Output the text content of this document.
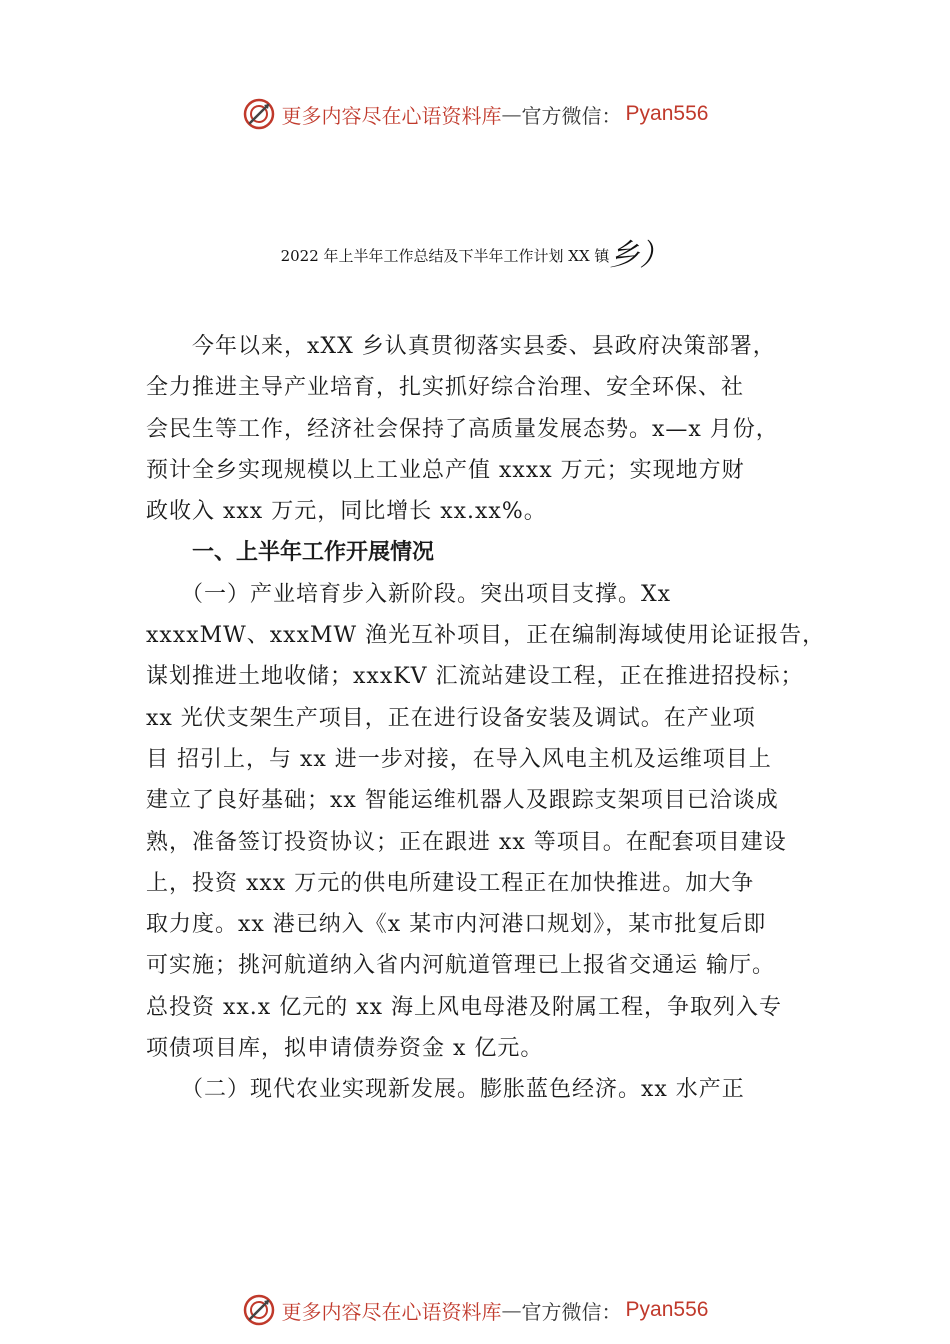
更多内容尽在心语资料库 — 官方微信： Pyan556
2022 年上半年工作总结及下半年工作计划 XX 镇乡）

　　今年以来，xXX 乡认真贯彻落实县委、县政府决策部署，
全力推进主导产业培育，扎实抓好综合治理、安全环保、社
会民生等工作，经济社会保持了高质量发展态势。x—x 月份，
预计全乡实现规模以上工业总产值 xxxx 万元；实现地方财
政收入 xxx 万元，同比增长 xx.xx%。

一、上半年工作开展情况

　　（一）产业培育步入新阶段。突出项目支撑。Xx
xxxxMW、xxxMW 渔光互补项目，正在编制海域使用论证报告，
谋划推进土地收储；xxxKV 汇流站建设工程，正在推进招投标；
xx 光伏支架生产项目，正在进行设备安装及调试。在产业项
目 招引上，与 xx 进一步对接，在导入风电主机及运维项目上
建立了良好基础；xx 智能运维机器人及跟踪支架项目已洽谈成
熟，准备签订投资协议；正在跟进 xx 等项目。在配套项目建设
上，投资 xxx 万元的供电所建设工程正在加快推进。加大争
取力度。xx 港已纳入《x 某市内河港口规划》，某市批复后即
可实施；挑河航道纳入省内河航道管理已上报省交通运 输厅。
总投资 xx.x 亿元的 xx 海上风电母港及附属工程，争取列入专
项债项目库，拟申请债券资金 x 亿元。
　　（二）现代农业实现新发展。膨胀蓝色经济。xx 水产正

更多内容尽在心语资料库 — 官方微信： Pyan556
